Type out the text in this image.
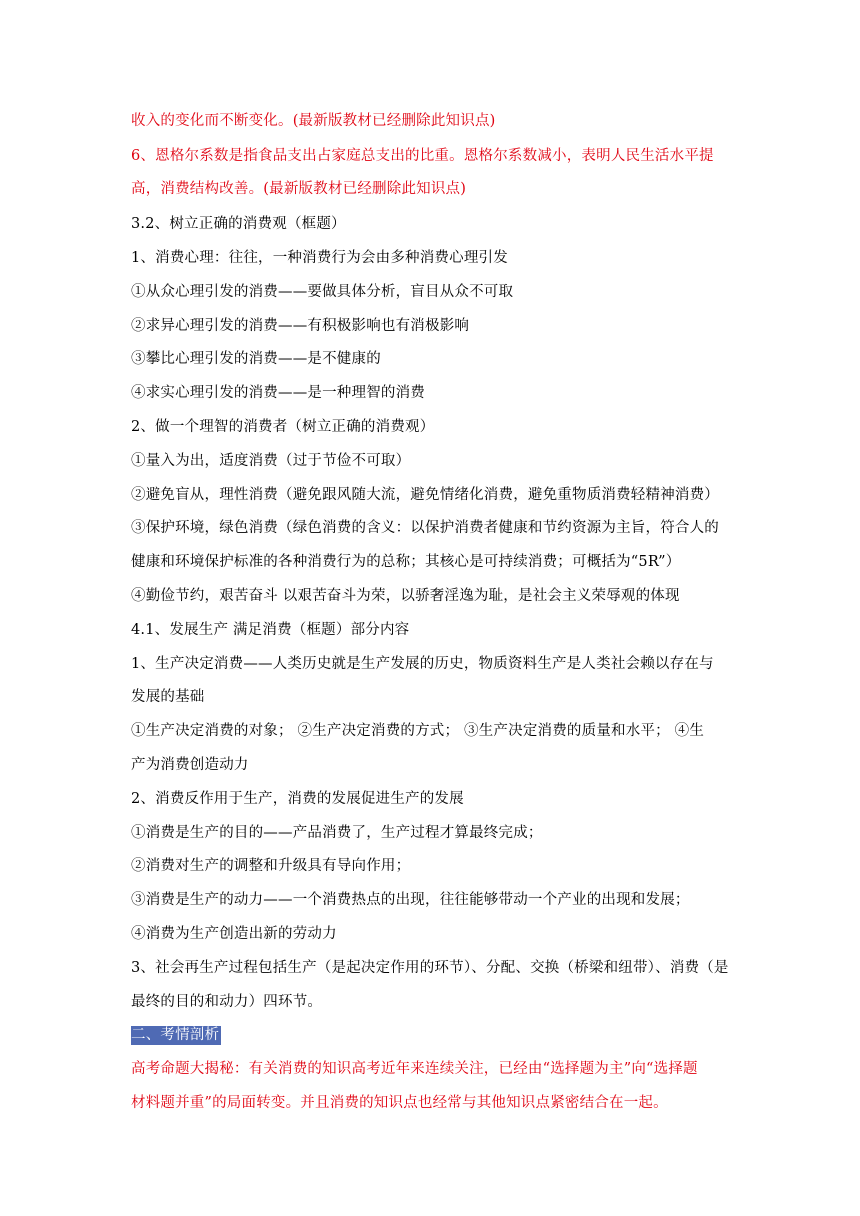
收入的变化而不断变化。(最新版教材已经删除此知识点)
6、恩格尔系数是指食品支出占家庭总支出的比重。恩格尔系数减小，表明人民生活水平提
高，消费结构改善。(最新版教材已经删除此知识点)
3.2、树立正确的消费观（框题）
1、消费心理：往往，一种消费行为会由多种消费心理引发
①从众心理引发的消费——要做具体分析，盲目从众不可取
②求异心理引发的消费——有积极影响也有消极影响
③攀比心理引发的消费——是不健康的
④求实心理引发的消费——是一种理智的消费
2、做一个理智的消费者（树立正确的消费观）
①量入为出，适度消费（过于节俭不可取）
②避免盲从，理性消费（避免跟风随大流，避免情绪化消费，避免重物质消费轻精神消费）
③保护环境，绿色消费（绿色消费的含义：以保护消费者健康和节约资源为主旨，符合人的
健康和环境保护标准的各种消费行为的总称；其核心是可持续消费；可概括为“5R”）
④勤俭节约，艰苦奋斗 以艰苦奋斗为荣，以骄奢淫逸为耻，是社会主义荣辱观的体现
4.1、发展生产 满足消费（框题）部分内容
1、生产决定消费——人类历史就是生产发展的历史，物质资料生产是人类社会赖以存在与
发展的基础
①生产决定消费的对象； ②生产决定消费的方式； ③生产决定消费的质量和水平； ④生
产为消费创造动力
2、消费反作用于生产，消费的发展促进生产的发展
①消费是生产的目的——产品消费了，生产过程才算最终完成；
②消费对生产的调整和升级具有导向作用；
③消费是生产的动力——一个消费热点的出现，往往能够带动一个产业的出现和发展；
④消费为生产创造出新的劳动力
3、社会再生产过程包括生产（是起决定作用的环节）、分配、交换（桥梁和纽带）、消费（是
最终的目的和动力）四环节。
二、考情剖析
高考命题大揭秘：有关消费的知识高考近年来连续关注，已经由“选择题为主”向“选择题
材料题并重”的局面转变。并且消费的知识点也经常与其他知识点紧密结合在一起。
